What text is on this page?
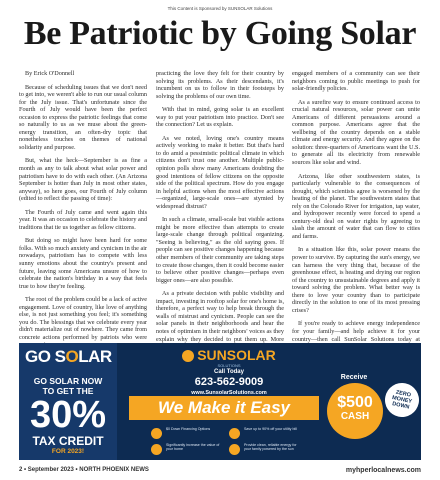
This Content is Sponsored by SUNSOLAR Solutions
Be Patriotic by Going Solar
By Erick O'Donnell

Because of scheduling issues that we don't need to get into, we weren't able to run our usual column for the July issue. That's unfortunate since the Fourth of July would have been the perfect occasion to express the patriotic feelings that come so naturally to us as we muse about the green-energy transition, an often-dry topic that nonetheless touches on themes of national solidarity and purpose.

But, what the heck—September is as fine a month as any to talk about what solar power and patriotism have to do with each other. (An Arizona September is hotter than July in most other states, anyway), so here goes, our Fourth of July column (edited to reflect the passing of time):

The Fourth of July came and went again this year. It was an occasion to celebrate the history and traditions that tie us together as fellow citizens.

But doing so might have been hard for some folks. With so much anxiety and cynicism in the air nowadays, patriotism has to compete with less sunny emotions about the country's present and future, leaving some Americans unsure of how to celebrate the nation's birthday in a way that feels true to how they're feeling.

The root of the problem could be a lack of active engagement. Love of country, like love of anything else, is not just something you feel; it's something you do. The blessings that we celebrate every year didn't materialize out of nowhere. They came from concrete actions performed by patriots who were

practicing the love they felt for their country by solving its problems. As their descendants, it's incumbent on us to follow in their footsteps by solving the problems of our own time.

With that in mind, going solar is an excellent way to put your patriotism into practice. Don't see the connection? Let us explain.

As we noted, loving one's country means actively working to make it better. But that's hard to do amid a pessimistic political climate in which citizens don't trust one another. Multiple public-opinion polls show many Americans doubting the good intentions of fellow citizens on the opposite side of the political spectrum. How do you engage in helpful actions when the most effective actions—organized, large-scale ones—are stymied by widespread distrust?

In such a climate, small-scale but visible actions might be more effective than attempts to create large-scale change through political organizing. "Seeing is believing," as the old saying goes. If people can see positive changes happening because other members of their community are taking steps to create those changes, then it could become easier to believe other positive changes—perhaps even bigger ones—are also possible.

As a private decision with public visibility and impact, investing in rooftop solar for one's home is, therefore, a perfect way to help break through the walls of mistrust and cynicism. People can see the solar panels in their neighborhoods and hear the notes of optimism in their neighbors' voices as they explain why they decided to put them up. More

engaged members of a community can see their neighbors coming to public meetings to push for solar-friendly policies.

As a surefire way to ensure continued access to crucial natural resources, solar power can unite Americans of different persuasions around a common purpose. Americans agree that the wellbeing of the country depends on a stable climate and energy security. And they agree on the solution: three-quarters of Americans want the U.S. to generate all its electricity from renewable sources like solar and wind.

Arizona, like other southwestern states, is particularly vulnerable to the consequences of drought, which scientists agree is worsened by the heating of the planet. The southwestern states that rely on the Colorado River for irrigation, tap water, and hydropower recently were forced to spend a century-old deal on water rights by agreeing to slash the amount of water that can flow to cities and farms.

In a situation like this, solar power means the power to survive. By capturing the sun's energy, we can harness the very thing that, because of the greenhouse effect, is heating and drying our region of the country to unsustainable degrees and apply it toward solving the problem. What better way is there to love your country than to participate directly in the solution to one of its most pressing crises?

If you're ready to achieve energy independence for your family—and help achieve it for your country—then call SunSolar Solutions today at

GO SOLAR
GO SOLAR NOW
TO GET THE
30%
TAX CREDIT
FOR 2023!
SUNSOLAR
SOLUTIONS
Call Today
623-562-9009
www.SunsolarSolutions.com
We Make it Easy
$0 Down Financing Options	Save up to 90% off your utility bill
Significantly increase the value of your home
Provide clean, reliable energy for your family powered by the sun
Receive
$500
CASH
ZERO MONEY DOWN
2 • September 2023 • NORTH PHOENIX NEWS	myhperlocalnews.com
